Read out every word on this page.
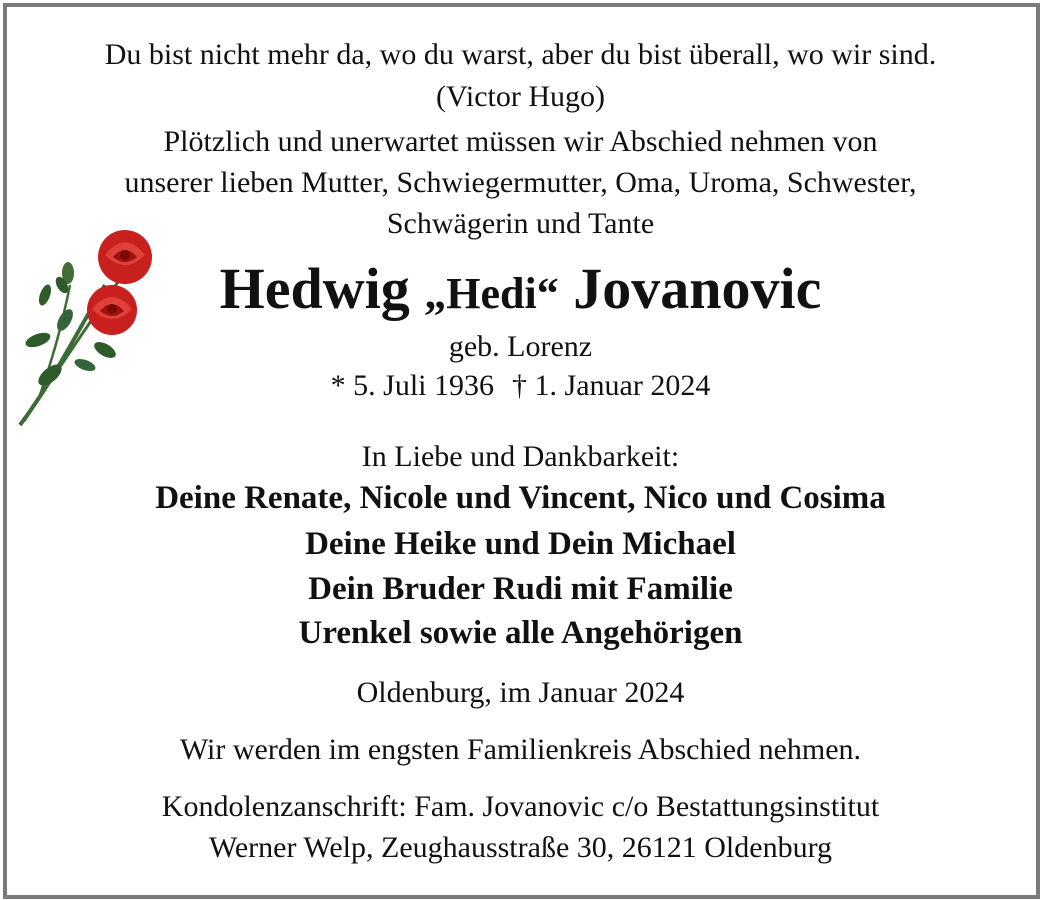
Du bist nicht mehr da, wo du warst, aber du bist überall, wo wir sind.
(Victor Hugo)
Plötzlich und unerwartet müssen wir Abschied nehmen von
unserer lieben Mutter, Schwiegermutter, Oma, Uroma, Schwester,
Schwägerin und Tante
Hedwig „Hedi“ Jovanovic
geb. Lorenz
* 5. Juli 1936 † 1. Januar 2024
In Liebe und Dankbarkeit:
Deine Renate, Nicole und Vincent, Nico und Cosima
Deine Heike und Dein Michael
Dein Bruder Rudi mit Familie
Urenkel sowie alle Angehörigen
Oldenburg, im Januar 2024
Wir werden im engsten Familienkreis Abschied nehmen.
Kondolenzanschrift: Fam. Jovanovic c/o Bestattungsinstitut
Werner Welp, Zeughausstraße 30, 26121 Oldenburg
